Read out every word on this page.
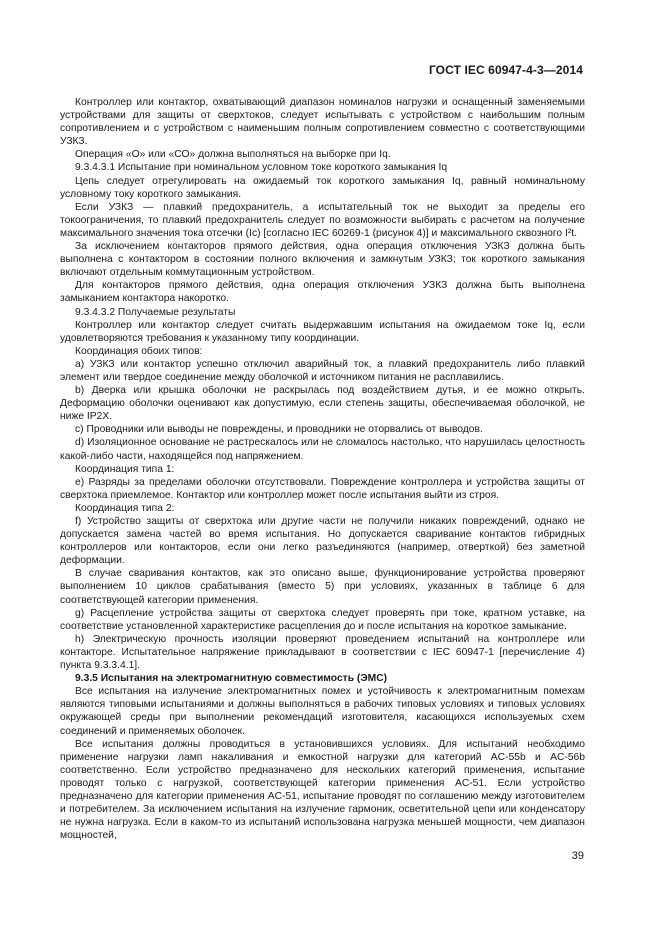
ГОСТ IEC 60947-4-3—2014

Контроллер или контактор, охватывающий диапазон номиналов нагрузки и оснащенный заменяемыми устройствами для защиты от сверхтоков, следует испытывать с устройством с наибольшим полным сопротивлением и с устройством с наименьшим полным сопротивлением совместно с соответствующими УЗКЗ.

Операция «О» или «СО» должна выполняться на выборке при Iq.

9.3.4.3.1 Испытание при номинальном условном токе короткого замыкания Iq

Цепь следует отрегулировать на ожидаемый ток короткого замыкания Iq, равный номинальному условному току короткого замыкания.

Если УЗКЗ — плавкий предохранитель, а испытательный ток не выходит за пределы его токоограничения, то плавкий предохранитель следует по возможности выбирать с расчетом на получение максимального значения тока отсечки (Ic) [согласно IEC 60269-1 (рисунок 4)] и максимального сквозного I²t.

За исключением контакторов прямого действия, одна операция отключения УЗКЗ должна быть выполнена с контактором в состоянии полного включения и замкнутым УЗКЗ; ток короткого замыкания включают отдельным коммутационным устройством.

Для контакторов прямого действия, одна операция отключения УЗКЗ должна быть выполнена замыканием контактора накоротко.

9.3.4.3.2 Получаемые результаты

Контроллер или контактор следует считать выдержавшим испытания на ожидаемом токе Iq, если удовлетворяются требования к указанному типу координации.

Координация обоих типов:

a) УЗКЗ или контактор успешно отключил аварийный ток, а плавкий предохранитель либо плавкий элемент или твердое соединение между оболочкой и источником питания не расплавились.

b) Дверка или крышка оболочки не раскрылась под воздействием дутья, и ее можно открыть. Деформацию оболочки оценивают как допустимую, если степень защиты, обеспечиваемая оболочкой, не ниже IP2X.

c) Проводники или выводы не повреждены, и проводники не оторвались от выводов.

d) Изоляционное основание не растрескалось или не сломалось настолько, что нарушилась целостность какой-либо части, находящейся под напряжением.

Координация типа 1:

e) Разряды за пределами оболочки отсутствовали. Повреждение контроллера и устройства защиты от сверхтока приемлемое. Контактор или контроллер может после испытания выйти из строя.

Координация типа 2:

f) Устройство защиты от сверхтока или другие части не получили никаких повреждений, однако не допускается замена частей во время испытания. Но допускается сваривание контактов гибридных контроллеров или контакторов, если они легко разъединяются (например, отверткой) без заметной деформации.

В случае сваривания контактов, как это описано выше, функционирование устройства проверяют выполнением 10 циклов срабатывания (вместо 5) при условиях, указанных в таблице 6 для соответствующей категории применения.

g) Расцепление устройства защиты от сверхтока следует проверять при токе, кратном уставке, на соответствие установленной характеристике расцепления до и после испытания на короткое замыкание.

h) Электрическую прочность изоляции проверяют проведением испытаний на контроллере или контакторе. Испытательное напряжение прикладывают в соответствии с IEC 60947-1 [перечисление 4) пункта 9.3.3.4.1].

9.3.5 Испытания на электромагнитную совместимость (ЭМС)

Все испытания на излучение электромагнитных помех и устойчивость к электромагнитным помехам являются типовыми испытаниями и должны выполняться в рабочих типовых условиях и типовых условиях окружающей среды при выполнении рекомендаций изготовителя, касающихся используемых схем соединений и применяемых оболочек.

Все испытания должны проводиться в установившихся условиях. Для испытаний необходимо применение нагрузки ламп накаливания и емкостной нагрузки для категорий AC-55b и AC-56b соответственно. Если устройство предназначено для нескольких категорий применения, испытание проводят только с нагрузкой, соответствующей категории применения AC-51. Если устройство предназначено для категории применения AC-51, испытание проводят по соглашению между изготовителем и потребителем. За исключением испытания на излучение гармоник, осветительной цепи или конденсатору не нужна нагрузка. Если в каком-то из испытаний использована нагрузка меньшей мощности, чем диапазон мощностей,

39
